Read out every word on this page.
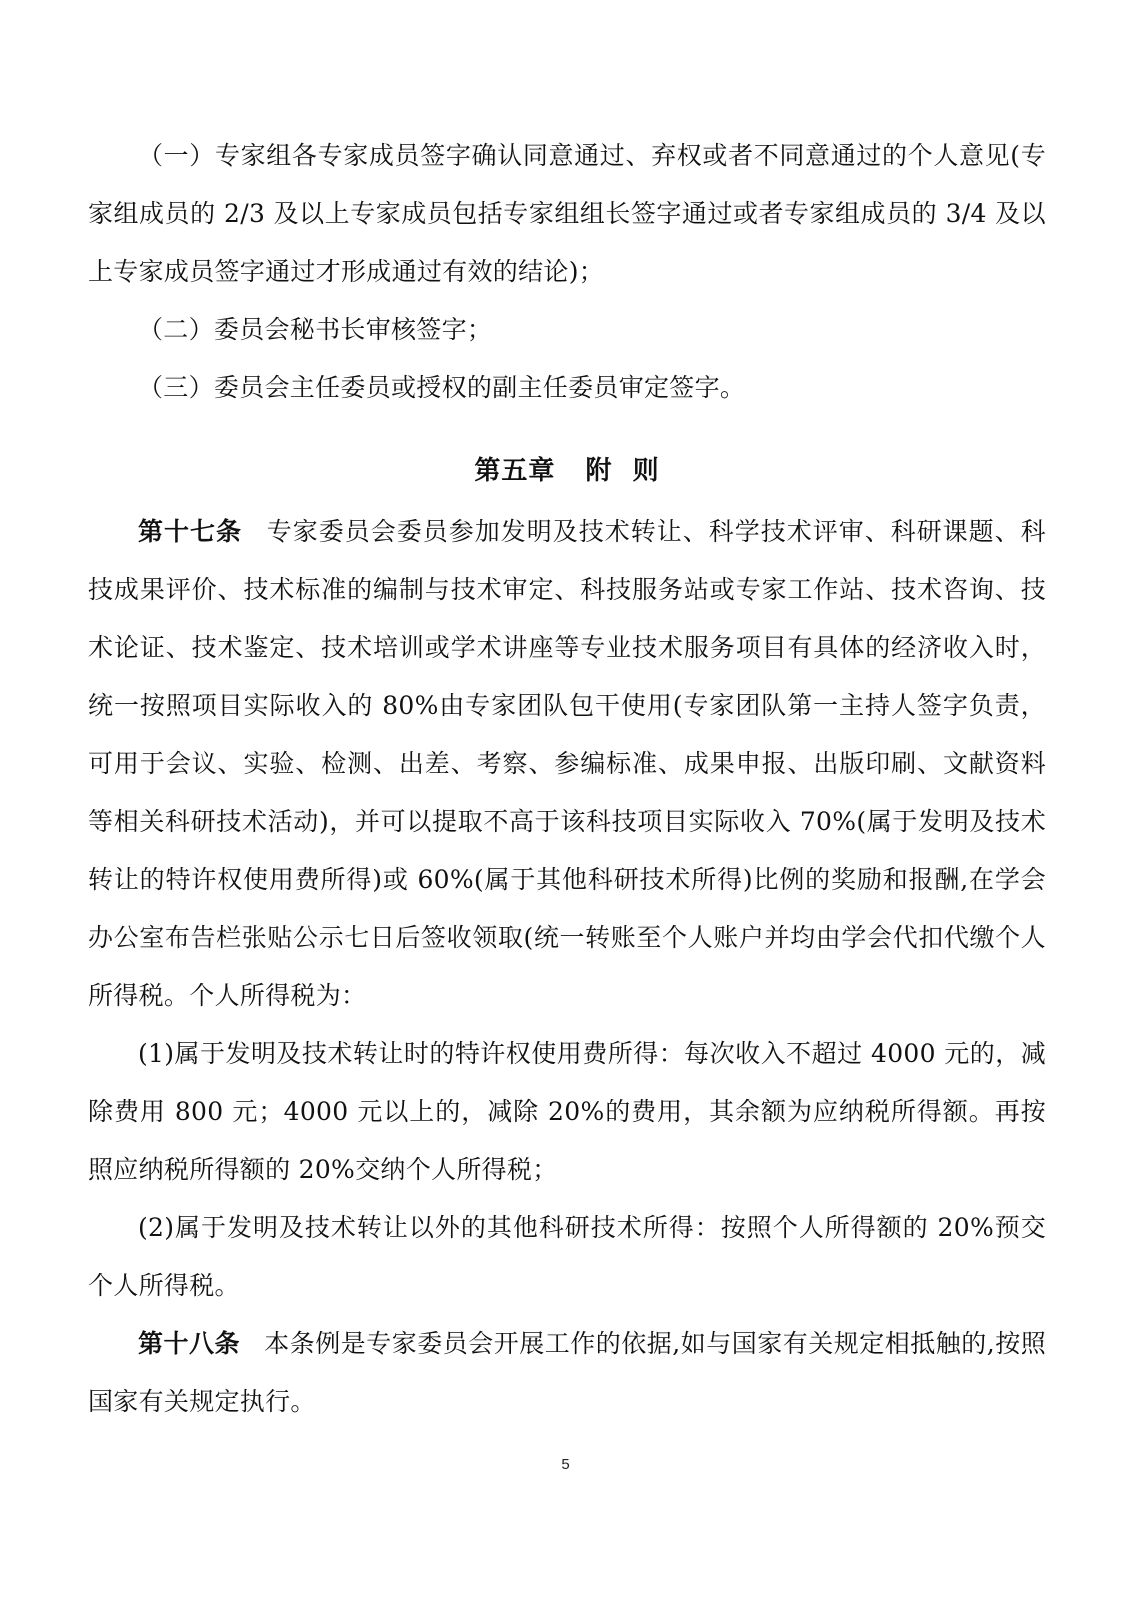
（一）专家组各专家成员签字确认同意通过、弃权或者不同意通过的个人意见(专家组成员的 2/3 及以上专家成员包括专家组组长签字通过或者专家组成员的 3/4 及以上专家成员签字通过才形成通过有效的结论)；

（二）委员会秘书长审核签字；

（三）委员会主任委员或授权的副主任委员审定签字。

第五章   附  则

第十七条 专家委员会委员参加发明及技术转让、科学技术评审、科研课题、科技成果评价、技术标准的编制与技术审定、科技服务站或专家工作站、技术咨询、技术论证、技术鉴定、技术培训或学术讲座等专业技术服务项目有具体的经济收入时，统一按照项目实际收入的 80%由专家团队包干使用(专家团队第一主持人签字负责，可用于会议、实验、检测、出差、考察、参编标准、成果申报、出版印刷、文献资料等相关科研技术活动)，并可以提取不高于该科技项目实际收入 70%(属于发明及技术转让的特许权使用费所得)或 60%(属于其他科研技术所得)比例的奖励和报酬,在学会办公室布告栏张贴公示七日后签收领取(统一转账至个人账户并均由学会代扣代缴个人所得税。个人所得税为：

(1)属于发明及技术转让时的特许权使用费所得：每次收入不超过 4000 元的，减除费用 800 元；4000 元以上的，减除 20%的费用，其余额为应纳税所得额。再按照应纳税所得额的 20%交纳个人所得税；

(2)属于发明及技术转让以外的其他科研技术所得：按照个人所得额的 20%预交个人所得税。

第十八条 本条例是专家委员会开展工作的依据,如与国家有关规定相抵触的,按照国家有关规定执行。

5
